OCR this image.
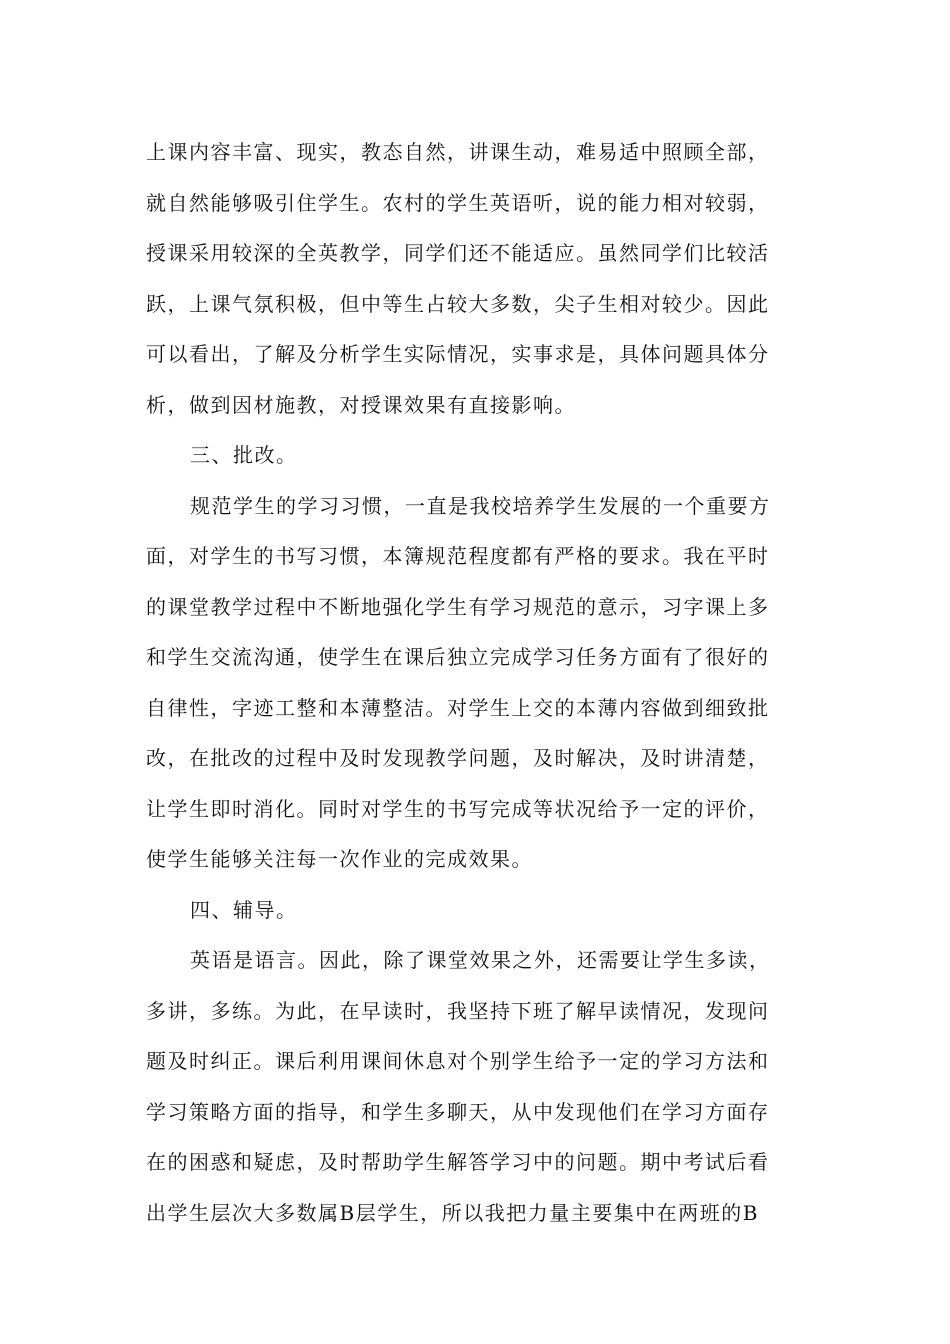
上课内容丰富、现实，教态自然，讲课生动，难易适中照顾全部，
就自然能够吸引住学生。农村的学生英语听，说的能力相对较弱，
授课采用较深的全英教学，同学们还不能适应。虽然同学们比较活
跃，上课气氛积极，但中等生占较大多数，尖子生相对较少。因此
可以看出，了解及分析学生实际情况，实事求是，具体问题具体分
析，做到因材施教，对授课效果有直接影响。
三、批改。
规范学生的学习习惯，一直是我校培养学生发展的一个重要方
面，对学生的书写习惯，本簿规范程度都有严格的要求。我在平时
的课堂教学过程中不断地强化学生有学习规范的意示，习字课上多
和学生交流沟通，使学生在课后独立完成学习任务方面有了很好的
自律性，字迹工整和本薄整洁。对学生上交的本薄内容做到细致批
改，在批改的过程中及时发现教学问题，及时解决，及时讲清楚，
让学生即时消化。同时对学生的书写完成等状况给予一定的评价，
使学生能够关注每一次作业的完成效果。
四、辅导。
英语是语言。因此，除了课堂效果之外，还需要让学生多读，
多讲，多练。为此，在早读时，我坚持下班了解早读情况，发现问
题及时纠正。课后利用课间休息对个别学生给予一定的学习方法和
学习策略方面的指导，和学生多聊天，从中发现他们在学习方面存
在的困惑和疑虑，及时帮助学生解答学习中的问题。期中考试后看
出学生层次大多数属B层学生，所以我把力量主要集中在两班的B
